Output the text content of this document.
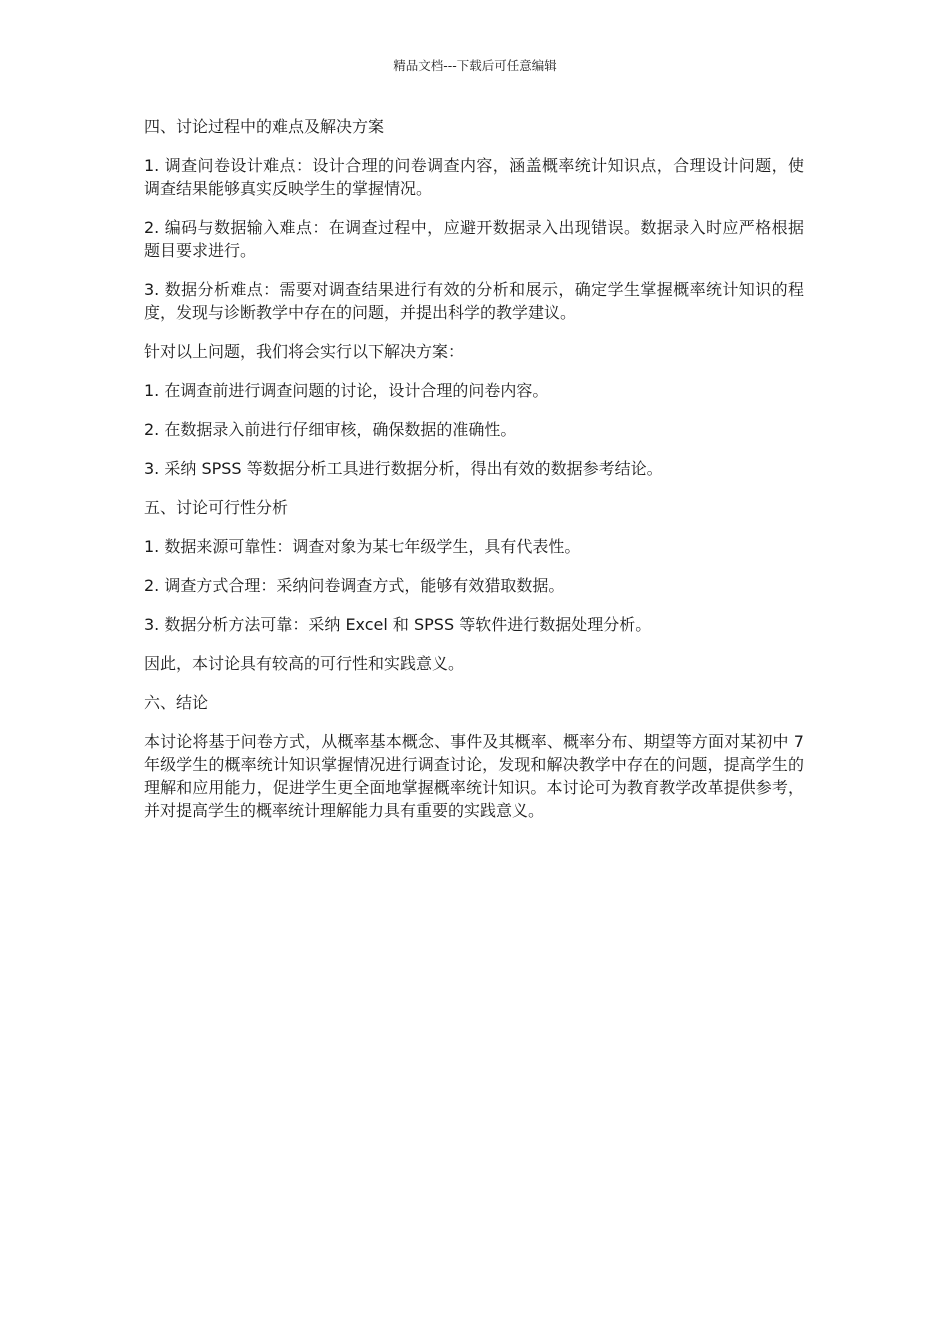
精品文档---下载后可任意编辑

四、讨论过程中的难点及解决方案

1. 调查问卷设计难点：设计合理的问卷调查内容，涵盖概率统计知识点，合理设计问题，使调查结果能够真实反映学生的掌握情况。

2. 编码与数据输入难点：在调查过程中，应避开数据录入出现错误。数据录入时应严格根据题目要求进行。

3. 数据分析难点：需要对调查结果进行有效的分析和展示，确定学生掌握概率统计知识的程度，发现与诊断教学中存在的问题，并提出科学的教学建议。

针对以上问题，我们将会实行以下解决方案：

1. 在调查前进行调查问题的讨论，设计合理的问卷内容。

2. 在数据录入前进行仔细审核，确保数据的准确性。

3. 采纳 SPSS 等数据分析工具进行数据分析，得出有效的数据参考结论。

五、讨论可行性分析

1. 数据来源可靠性：调查对象为某七年级学生，具有代表性。

2. 调查方式合理：采纳问卷调查方式，能够有效猎取数据。

3. 数据分析方法可靠：采纳 Excel 和 SPSS 等软件进行数据处理分析。

因此，本讨论具有较高的可行性和实践意义。

六、结论

本讨论将基于问卷方式，从概率基本概念、事件及其概率、概率分布、期望等方面对某初中 7 年级学生的概率统计知识掌握情况进行调查讨论，发现和解决教学中存在的问题，提高学生的理解和应用能力，促进学生更全面地掌握概率统计知识。本讨论可为教育教学改革提供参考，并对提高学生的概率统计理解能力具有重要的实践意义。
